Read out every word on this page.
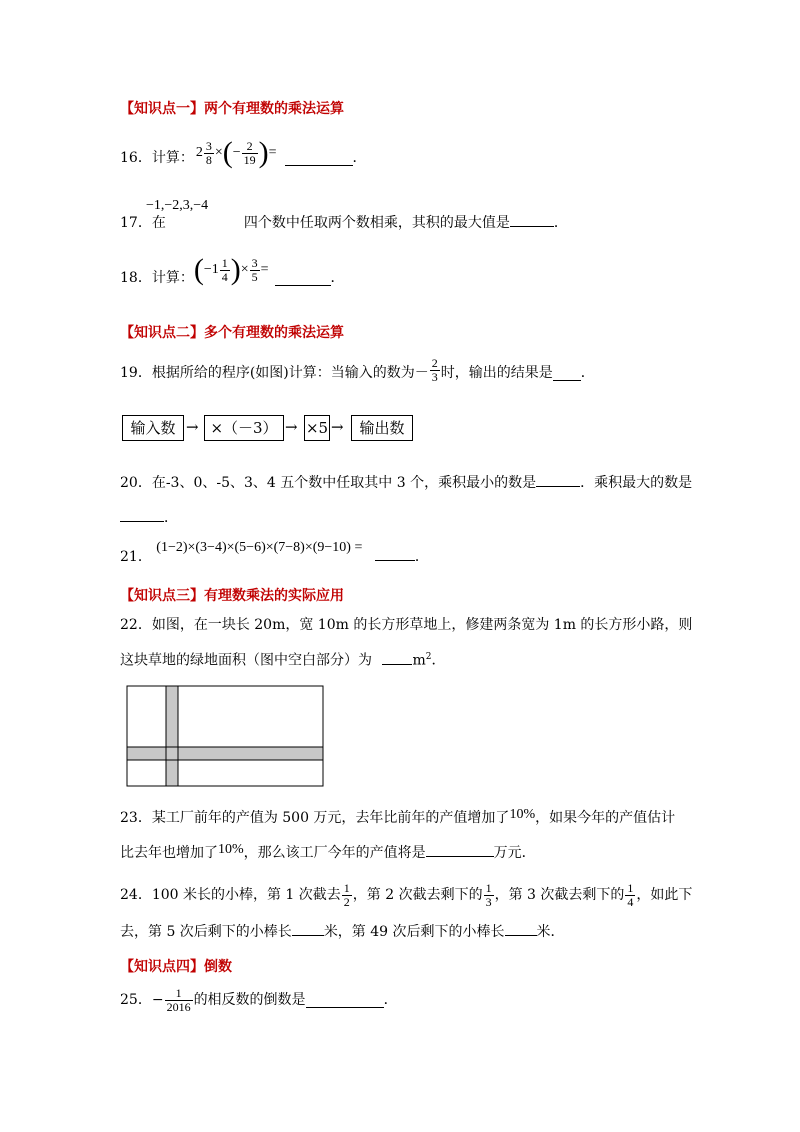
【知识点一】两个有理数的乘法运算
16．计算： $2 \frac{3}{8}$ × ( − $\frac{2}{19}$ ) =	．
−1,−2,3,−4
17．在	四个数中任取两个数相乘，其积的最大值是	．
18．计算： ( $-1 \frac{1}{4}$ ) × $\frac{3}{5}$ =
．
【知识点二】多个有理数的乘法运算
19．根据所给的程序(如图)计算：当输入的数为－ $\frac{2}{3}$ 时，输出的结果是 ．
输入数 → ×（－3） → ×5 →	输出数
20．在-3、0、-5、3、4 五个数中任取其中 3 个，乘积最小的数是	．乘积最大的数是
．
21． (1−2)×(3−4)×(5−6)×(7−8)×(9−10) = ．
【知识点三】有理数乘法的实际应用
22．如图，在一块长 20m，宽 10m 的长方形草地上，修建两条宽为 1m 的长方形小路，则
这块草地的绿地面积（图中空白部分）为	$m^2$．
23．某工厂前年的产值为 500 万元，去年比前年的产值增加了10%，如果今年的产值估计
比去年也增加了10%，那么该工厂今年的产值将是	万元．
24．100 米长的小棒，第 1 次截去 $\frac{1}{2}$ ，第 2 次截去剩下的 $\frac{1}{3}$ ，第 3 次截去剩下的 $\frac{1}{4}$ ，如此下
去，第 5 次后剩下的小棒长 米，第 49 次后剩下的小棒长 米．
【知识点四】倒数
25． − $\frac{1}{2016}$ 的相反数的倒数是	．
